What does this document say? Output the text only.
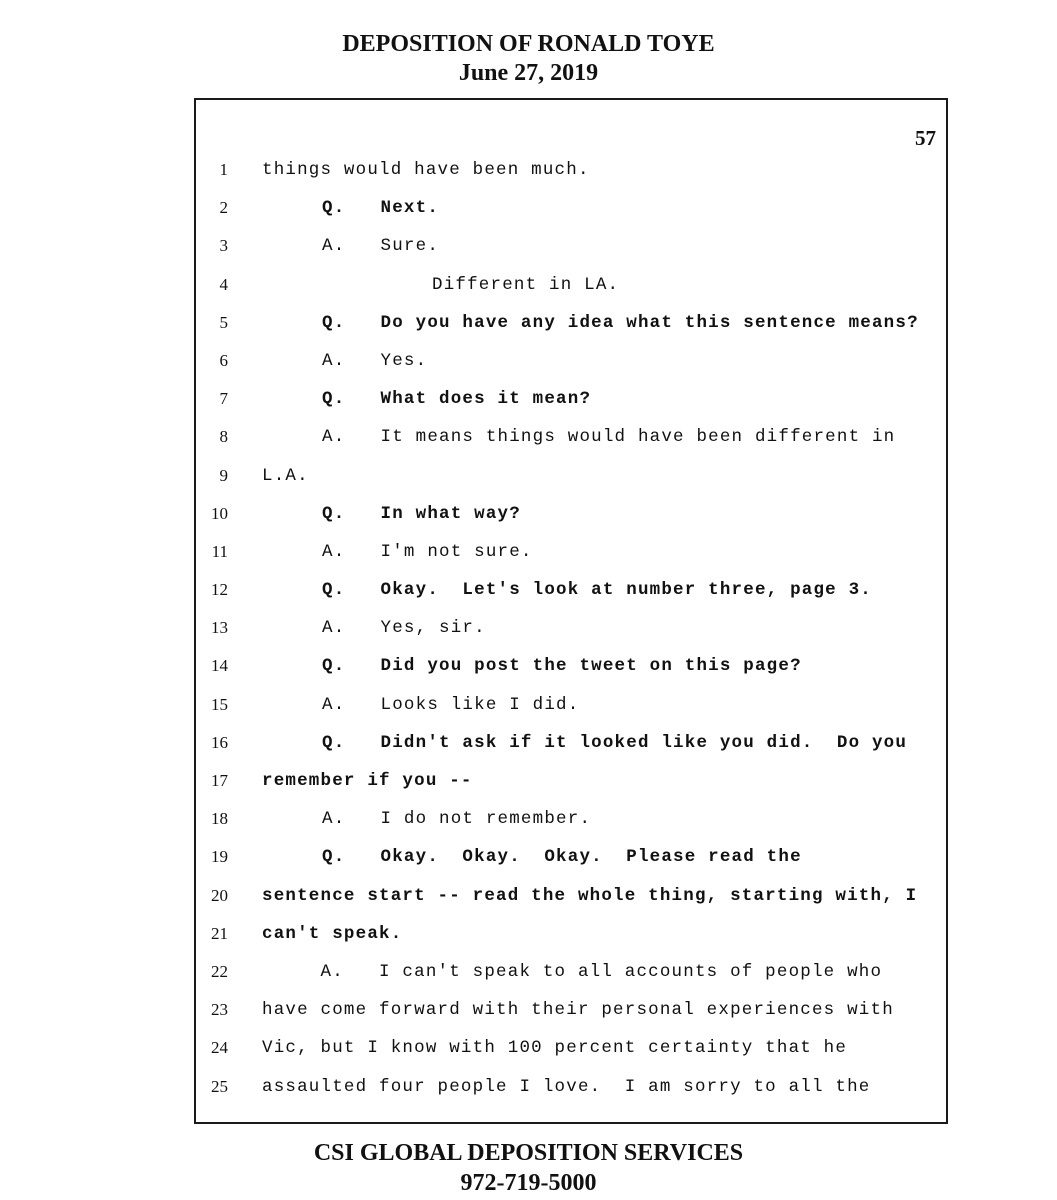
DEPOSITION OF RONALD TOYE
June 27, 2019
57
1 things would have been much.
2	Q.   Next.
3	A.   Sure.
4	Different in LA.
5	Q.   Do you have any idea what this sentence means?
6	A.   Yes.
7	Q.   What does it mean?
8	A.   It means things would have been different in
9 L.A.
10	Q.   In what way?
11	A.   I'm not sure.
12	Q.   Okay.  Let's look at number three, page 3.
13	A.   Yes, sir.
14	Q.   Did you post the tweet on this page?
15	A.   Looks like I did.
16	Q.   Didn't ask if it looked like you did.  Do you
17 remember if you --
18	A.   I do not remember.
19	Q.   Okay.  Okay.  Okay.  Please read the
20 sentence start -- read the whole thing, starting with, I
21 can't speak.
22 A.   I can't speak to all accounts of people who
23 have come forward with their personal experiences with
24 Vic, but I know with 100 percent certainty that he
25 assaulted four people I love.  I am sorry to all the
CSI GLOBAL DEPOSITION SERVICES
972-719-5000
